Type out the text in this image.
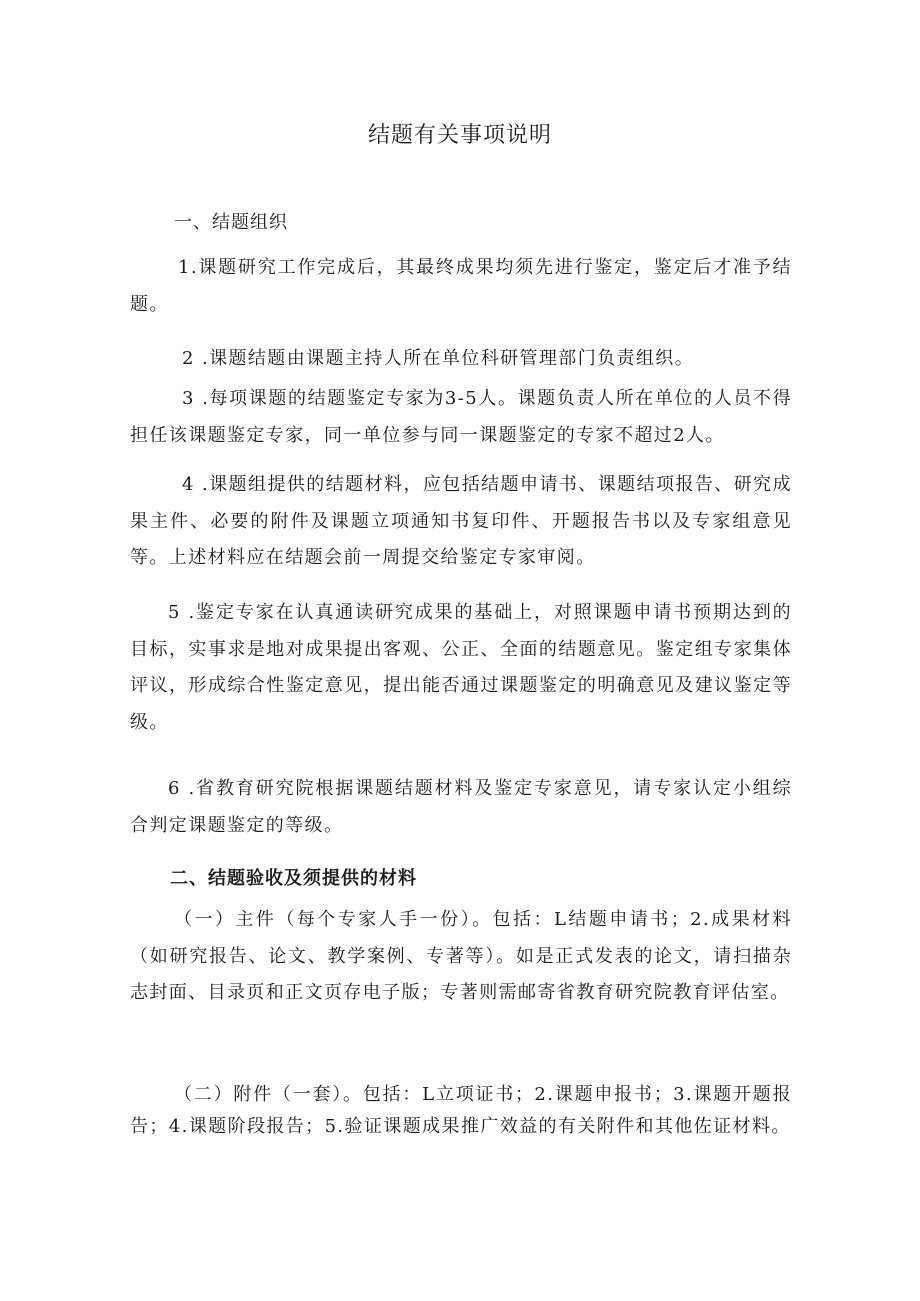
结题有关事项说明
一、结题组织

1.课题研究工作完成后，其最终成果均须先进行鉴定，鉴定后才准予结题。

2 .课题结题由课题主持人所在单位科研管理部门负责组织。

3 .每项课题的结题鉴定专家为3-5人。课题负责人所在单位的人员不得担任该课题鉴定专家，同一单位参与同一课题鉴定的专家不超过2人。

4 .课题组提供的结题材料，应包括结题申请书、课题结项报告、研究成果主件、必要的附件及课题立项通知书复印件、开题报告书以及专家组意见等。上述材料应在结题会前一周提交给鉴定专家审阅。

5 .鉴定专家在认真通读研究成果的基础上，对照课题申请书预期达到的目标，实事求是地对成果提出客观、公正、全面的结题意见。鉴定组专家集体评议，形成综合性鉴定意见，提出能否通过课题鉴定的明确意见及建议鉴定等级。

6 .省教育研究院根据课题结题材料及鉴定专家意见，请专家认定小组综合判定课题鉴定的等级。

二、结题验收及须提供的材料

（一）主件（每个专家人手一份）。包括：L结题申请书；2.成果材料（如研究报告、论文、教学案例、专著等）。如是正式发表的论文，请扫描杂志封面、目录页和正文页存电子版；专著则需邮寄省教育研究院教育评估室。

（二）附件（一套）。包括：L立项证书；2.课题申报书；3.课题开题报告；4.课题阶段报告；5.验证课题成果推广效益的有关附件和其他佐证材料。
